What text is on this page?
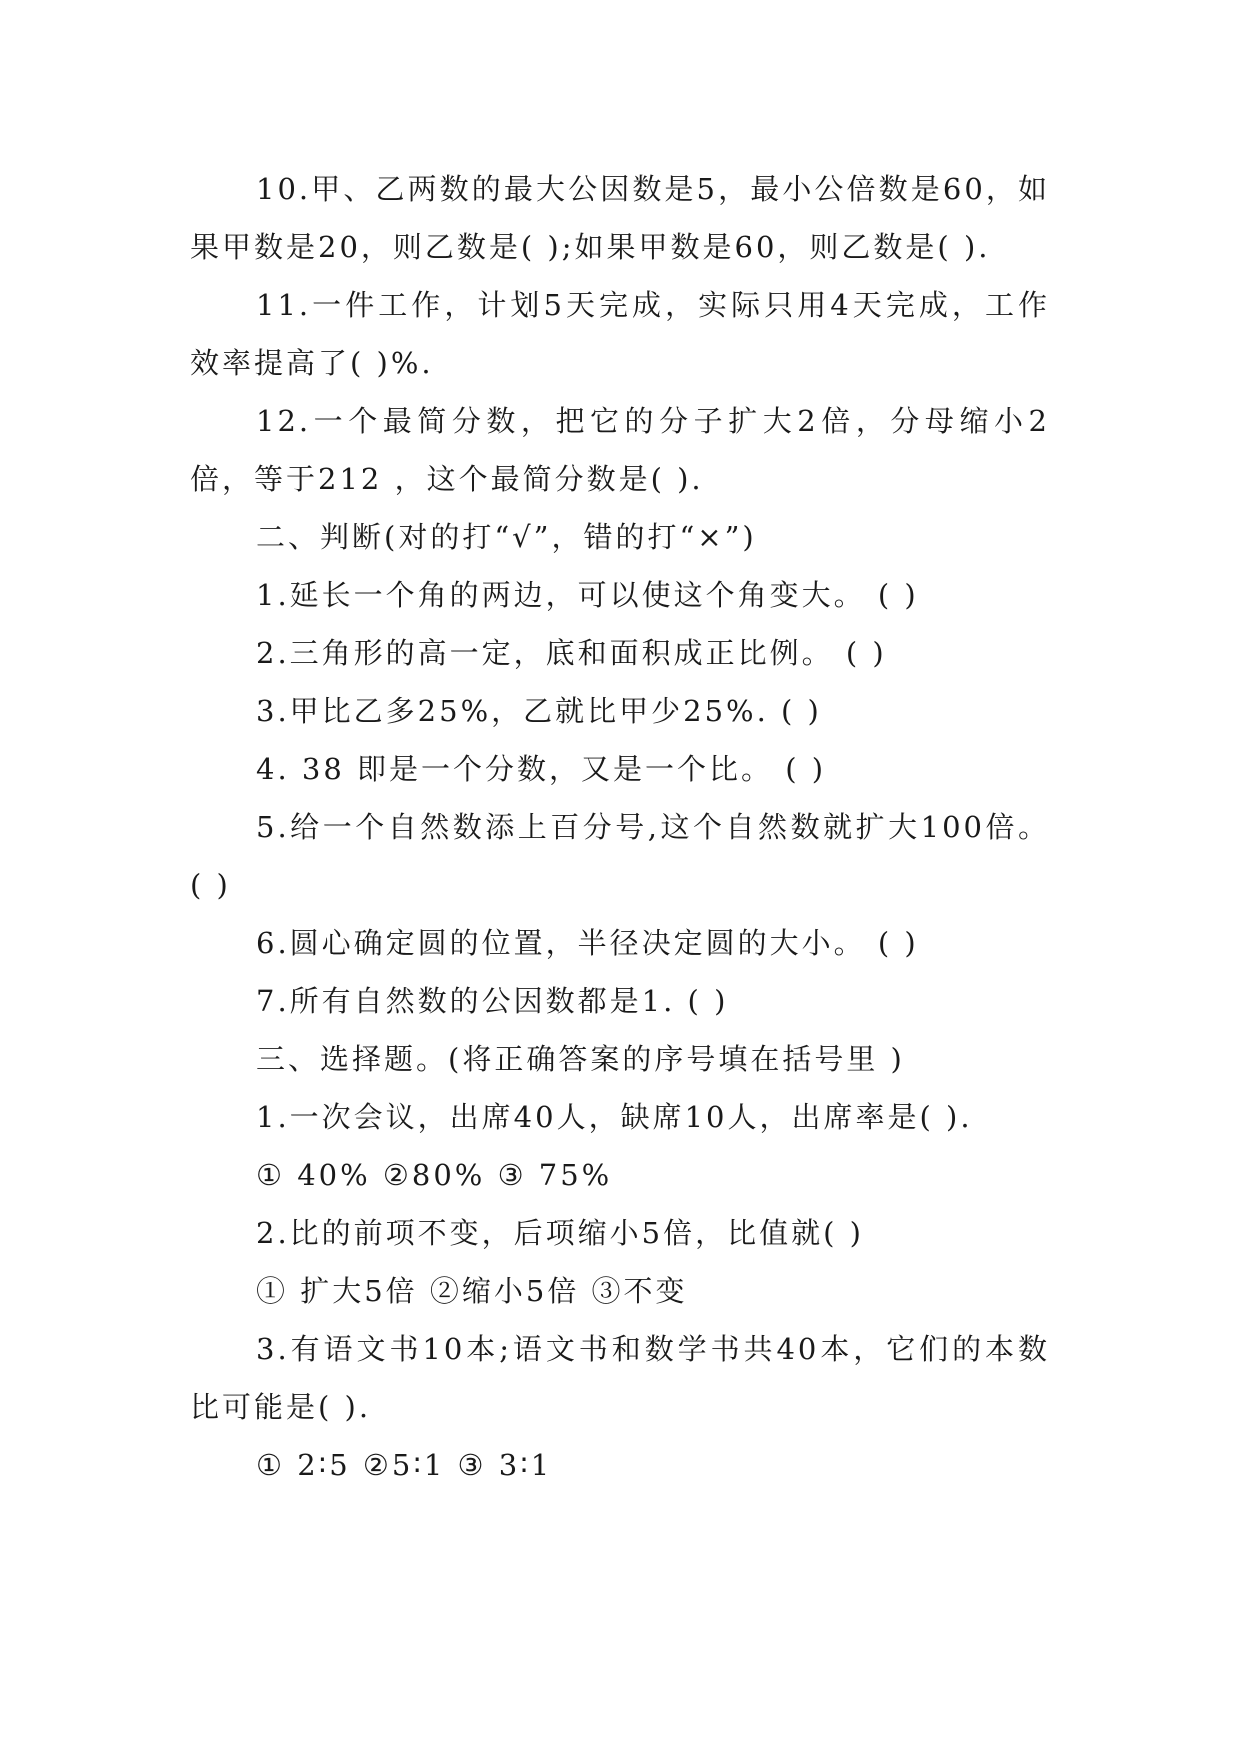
10.甲、乙两数的最大公因数是5，最小公倍数是60，如果甲数是20，则乙数是( );如果甲数是60，则乙数是( ).

11.一件工作，计划5天完成，实际只用4天完成，工作效率提高了( )%.

12.一个最简分数，把它的分子扩大2倍，分母缩小2倍，等于212 ，这个最简分数是( ).

二、判断(对的打“√”，错的打“×”)

1.延长一个角的两边，可以使这个角变大。 ( )

2.三角形的高一定，底和面积成正比例。 ( )

3.甲比乙多25%，乙就比甲少25%. ( )

4. 38 即是一个分数，又是一个比。 ( )

5.给一个自然数添上百分号,这个自然数就扩大100倍。( )

6.圆心确定圆的位置，半径决定圆的大小。 ( )

7.所有自然数的公因数都是1. ( )

三、选择题。(将正确答案的序号填在括号里 )

1.一次会议，出席40人，缺席10人，出席率是( ).

① 40% ②80% ③ 75%

2.比的前项不变，后项缩小5倍，比值就( )

① 扩大5倍 ②缩小5倍 ③不变

3.有语文书10本;语文书和数学书共40本，它们的本数比可能是( ).

① 2∶5 ②5∶1 ③ 3∶1
